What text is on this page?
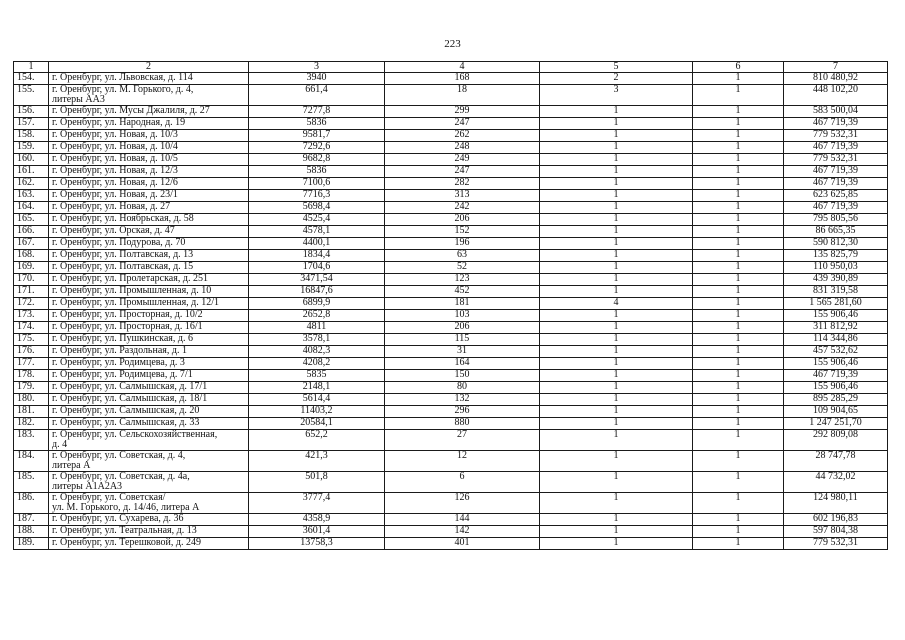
223
1	2	3	4	5	6	7
154.	г. Оренбург, ул. Львовская, д. 114	3940	168	2	1	810 480,92
155.	г. Оренбург, ул. М. Горького, д. 4,
литеры АА3	661,4	18	3	1	448 102,20
156.	г. Оренбург, ул. Мусы Джалиля, д. 27	7277,8	299	1	1	583 500,04
157.	г. Оренбург, ул. Народная, д. 19	5836	247	1	1	467 719,39
158.	г. Оренбург, ул. Новая, д. 10/3	9581,7	262	1	1	779 532,31
159.	г. Оренбург, ул. Новая, д. 10/4	7292,6	248	1	1	467 719,39
160.	г. Оренбург, ул. Новая, д. 10/5	9682,8	249	1	1	779 532,31
161.	г. Оренбург, ул. Новая, д. 12/3	5836	247	1	1	467 719,39
162.	г. Оренбург, ул. Новая, д. 12/6	7100,6	282	1	1	467 719,39
163.	г. Оренбург, ул. Новая, д. 23/1	7716,3	313	1	1	623 625,85
164.	г. Оренбург, ул. Новая, д. 27	5698,4	242	1	1	467 719,39
165.	г. Оренбург, ул. Ноябрьская, д. 58	4525,4	206	1	1	795 805,56
166.	г. Оренбург, ул. Орская, д. 47	4578,1	152	1	1	86 665,35
167.	г. Оренбург, ул. Подурова, д. 70	4400,1	196	1	1	590 812,30
168.	г. Оренбург, ул. Полтавская, д. 13	1834,4	63	1	1	135 825,79
169.	г. Оренбург, ул. Полтавская, д. 15	1704,6	52	1	1	110 950,03
170.	г. Оренбург, ул. Пролетарская, д. 251	3471,54	123	1	1	439 390,89
171.	г. Оренбург, ул. Промышленная, д. 10	16847,6	452	1	1	831 319,58
172.	г. Оренбург, ул. Промышленная, д. 12/1	6899,9	181	4	1	1 565 281,60
173.	г. Оренбург, ул. Просторная, д. 10/2	2652,8	103	1	1	155 906,46
174.	г. Оренбург, ул. Просторная, д. 16/1	4811	206	1	1	311 812,92
175.	г. Оренбург, ул. Пушкинская, д. 6	3578,1	115	1	1	114 344,86
176.	г. Оренбург, ул. Раздольная, д. 1	4082,3	31	1	1	457 532,62
177.	г. Оренбург, ул. Родимцева, д. 3	4208,2	164	1	1	155 906,46
178.	г. Оренбург, ул. Родимцева, д. 7/1	5835	150	1	1	467 719,39
179.	г. Оренбург, ул. Салмышская, д. 17/1	2148,1	80	1	1	155 906,46
180.	г. Оренбург, ул. Салмышская, д. 18/1	5614,4	132	1	1	895 285,29
181.	г. Оренбург, ул. Салмышская, д. 20	11403,2	296	1	1	109 904,65
182.	г. Оренбург, ул. Салмышская, д. 33	20584,1	880	1	1	1 247 251,70
183.	г. Оренбург, ул. Сельскохозяйственная,
д. 4	652,2	27	1	1	292 809,08
184.	г. Оренбург, ул. Советская, д. 4,
литера А	421,3	12	1	1	28 747,78
185.	г. Оренбург, ул. Советская, д. 4а,
литеры А1А2А3	501,8	6	1	1	44 732,02
186.	г. Оренбург, ул. Советская/
ул. М. Горького, д. 14/46, литера А	3777,4	126	1	1	124 980,11
187.	г. Оренбург, ул. Сухарева, д. 36	4358,9	144	1	1	602 196,83
188.	г. Оренбург, ул. Театральная, д. 13	3601,4	142	1	1	597 804,38
189.	г. Оренбург, ул. Терешковой, д. 249	13758,3	401	1	1	779 532,31
